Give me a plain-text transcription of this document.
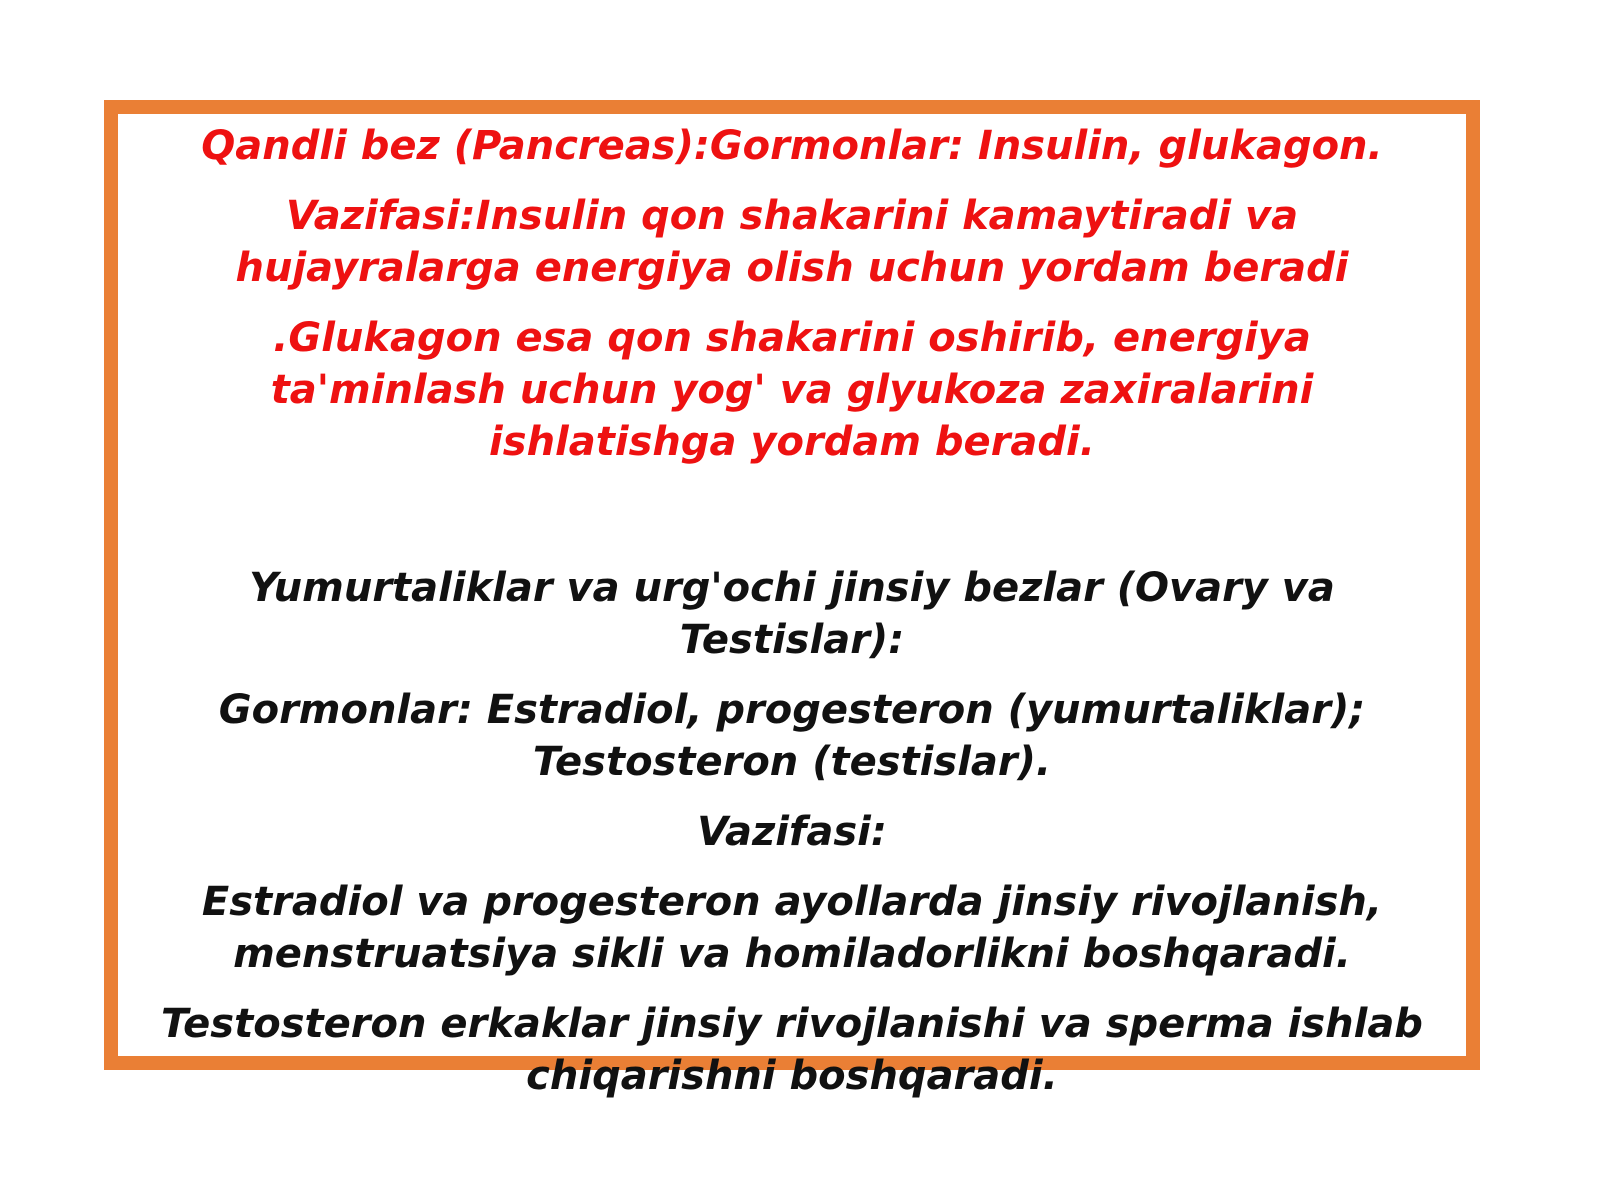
Qandli bez (Pancreas):Gormonlar: Insulin, glukagon.

Vazifasi:Insulin qon shakarini kamaytiradi va hujayralarga energiya olish uchun yordam beradi

.Glukagon esa qon shakarini oshirib, energiya ta'minlash uchun yog' va glyukoza zaxiralarini ishlatishga yordam beradi.

Yumurtaliklar va urg'ochi jinsiy bezlar (Ovary va Testislar):

Gormonlar: Estradiol, progesteron (yumurtaliklar); Testosteron (testislar).

Vazifasi:

Estradiol va progesteron ayollarda jinsiy rivojlanish, menstruatsiya sikli va homiladorlikni boshqaradi.

Testosteron erkaklar jinsiy rivojlanishi va sperma ishlab chiqarishni boshqaradi.
